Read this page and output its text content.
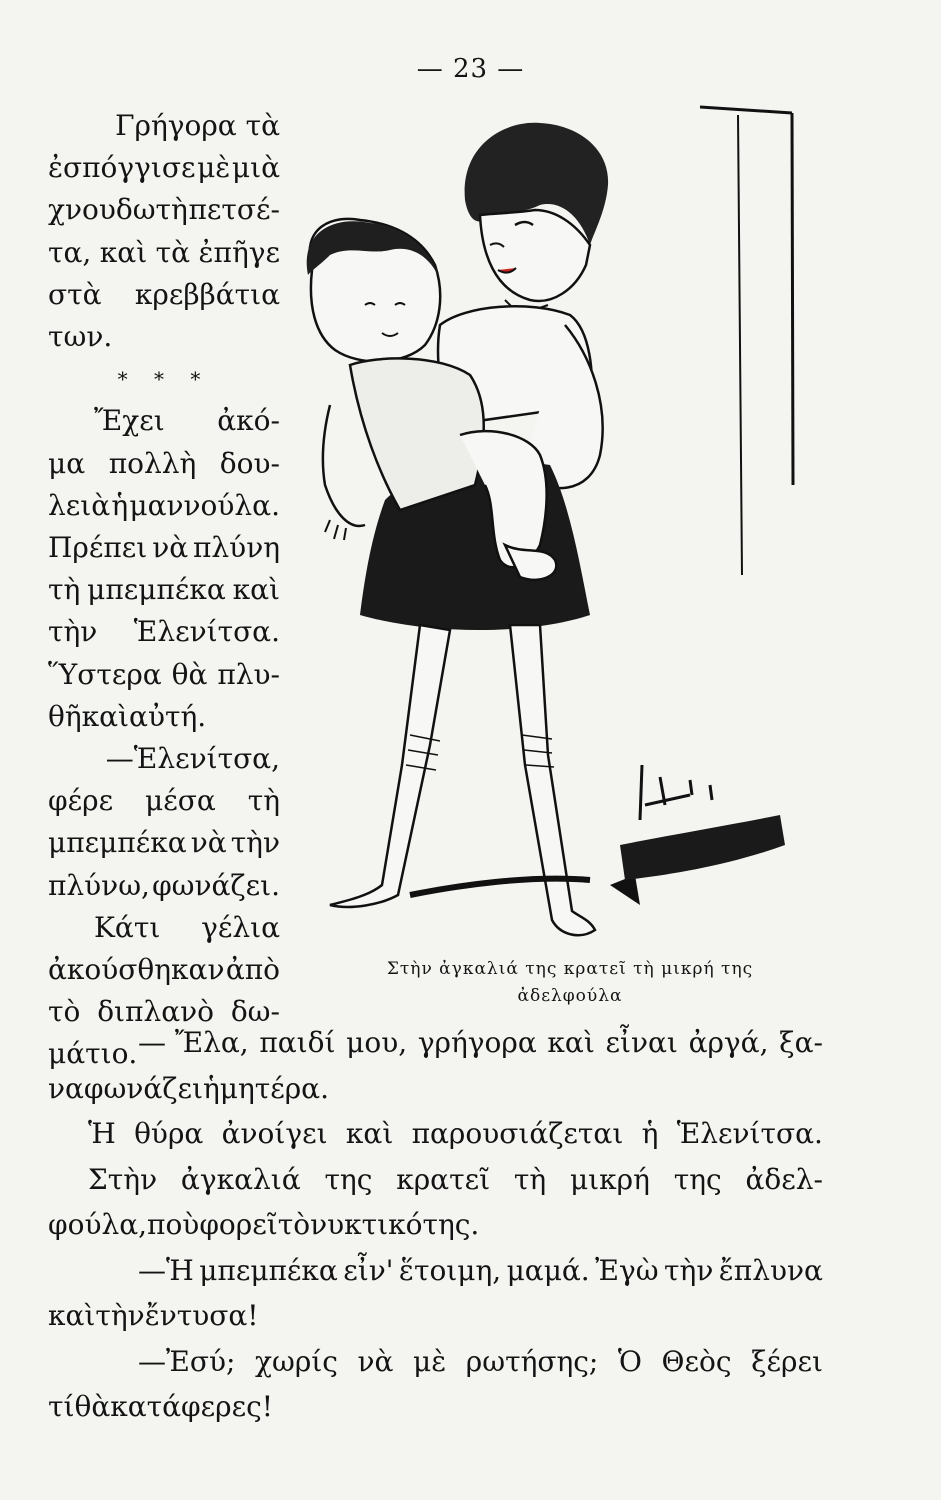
— 23 —
Γρήγορα τὰ
ἐσπόγγισε μὲ μιὰ
χνουδωτὴ πετσέ-
τα, καὶ τὰ ἐπῆγε
στὰ κρεββάτια
των.
* * *
Ἔχει ἀκό-
μα πολλὴ δου-
λειὰ ἡ μαννούλα.
Πρέπει νὰ πλύνη
τὴ μπεμπέκα καὶ
τὴν Ἑλενίτσα.
Ὕστερα θὰ πλυ-
θῆ καὶ αὐτή.
—Ἑλενίτσα,
φέρε μέσα τὴ
μπεμπέκα νὰ τὴν
πλύνω, φωνάζει.
Κάτι γέλια
ἀκούσθηκαν ἀπὸ
τὸ διπλανὸ δω-
μάτιο.
Στὴν ἀγκαλιά της κρατεῖ τὴ μικρή της
ἀδελφούλα
— Ἔλα, παιδί μου, γρήγορα καὶ εἶναι ἀργά, ξα-
ναφωνάζει ἡ μητέρα.
Ἡ θύρα ἀνοίγει καὶ παρουσιάζεται ἡ Ἑλενίτσα.
Στὴν ἀγκαλιά της κρατεῖ τὴ μικρή της ἀδελ-
φούλα, ποὺ φορεῖ τὸ νυκτικό της.
—Ἡ μπεμπέκα εἶν' ἕτοιμη, μαμά. Ἐγὼ τὴν ἔπλυνα
καὶ τὴν ἔντυσα!
—Ἐσύ; χωρίς νὰ μὲ ρωτήσης; Ὁ Θεὸς ξέρει
τί θὰ κατάφερες!
